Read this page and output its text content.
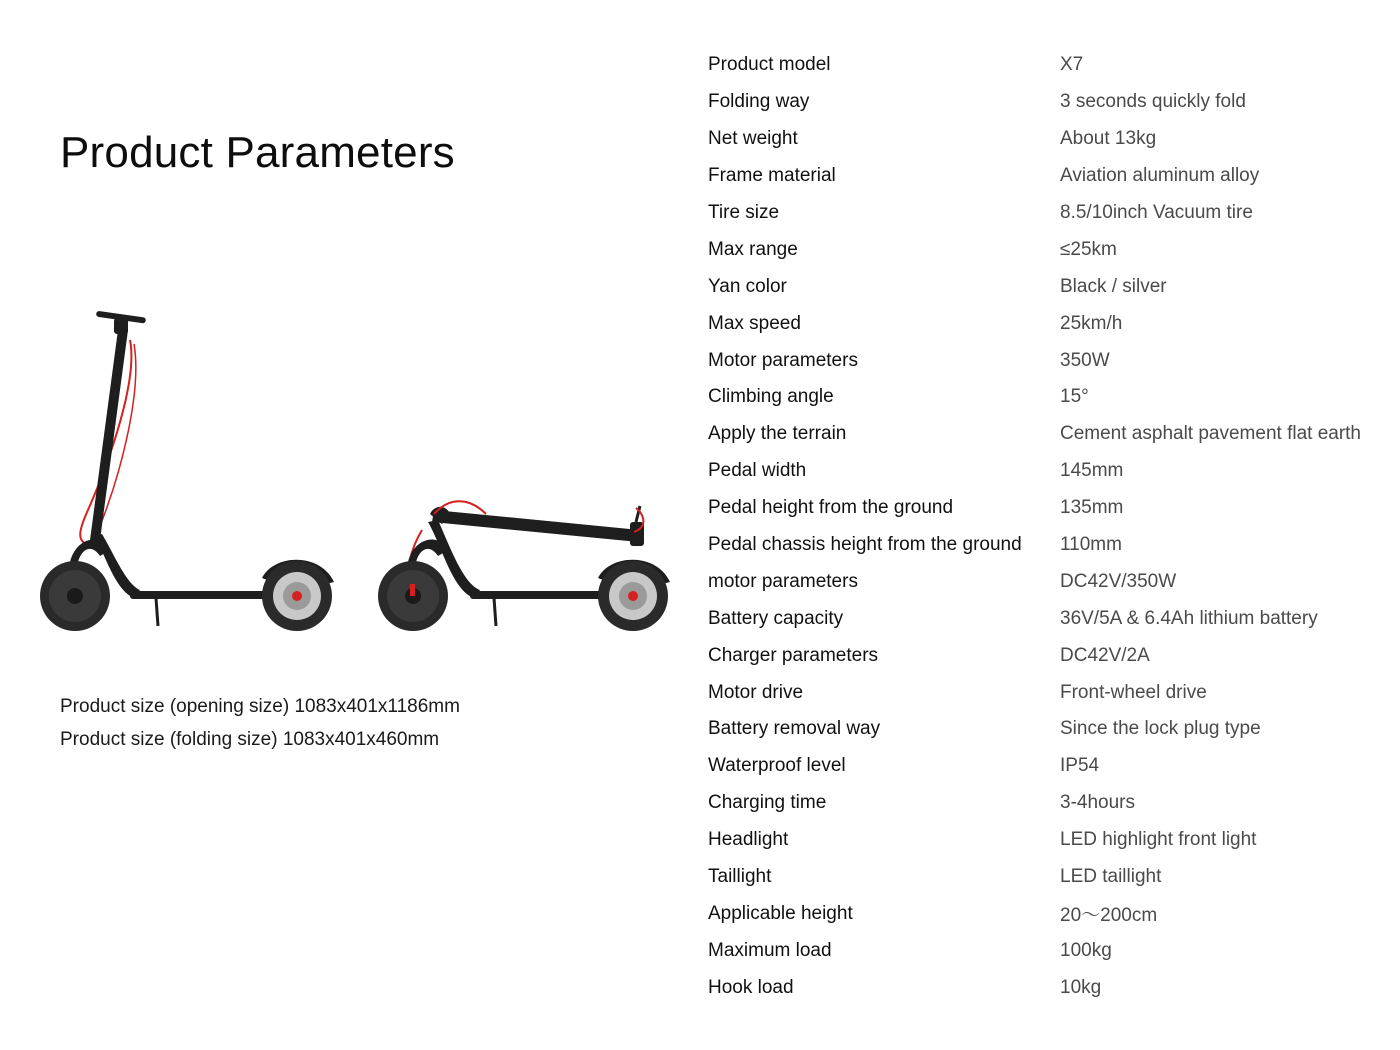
Product Parameters
Product size (opening size) 1083x401x1186mm
Product size (folding size) 1083x401x460mm
Product model	X7
Folding way	3 seconds quickly fold
Net weight	About 13kg
Frame material	Aviation aluminum alloy
Tire size	8.5/10inch Vacuum tire
Max range	≤25km
Yan color	Black / silver
Max speed	25km/h
Motor parameters	350W
Climbing angle	15°
Apply the terrain	Cement asphalt pavement flat earth
Pedal width	145mm
Pedal height from the ground	135mm
Pedal chassis height from the ground	110mm
motor parameters	DC42V/350W
Battery capacity	36V/5A & 6.4Ah lithium battery
Charger parameters	DC42V/2A
Motor drive	Front-wheel drive
Battery removal way	Since the lock plug type
Waterproof level	IP54
Charging time	3-4hours
Headlight	LED highlight front light
Taillight	LED taillight
Applicable height	20～200cm
Maximum load	100kg
Hook load	10kg
